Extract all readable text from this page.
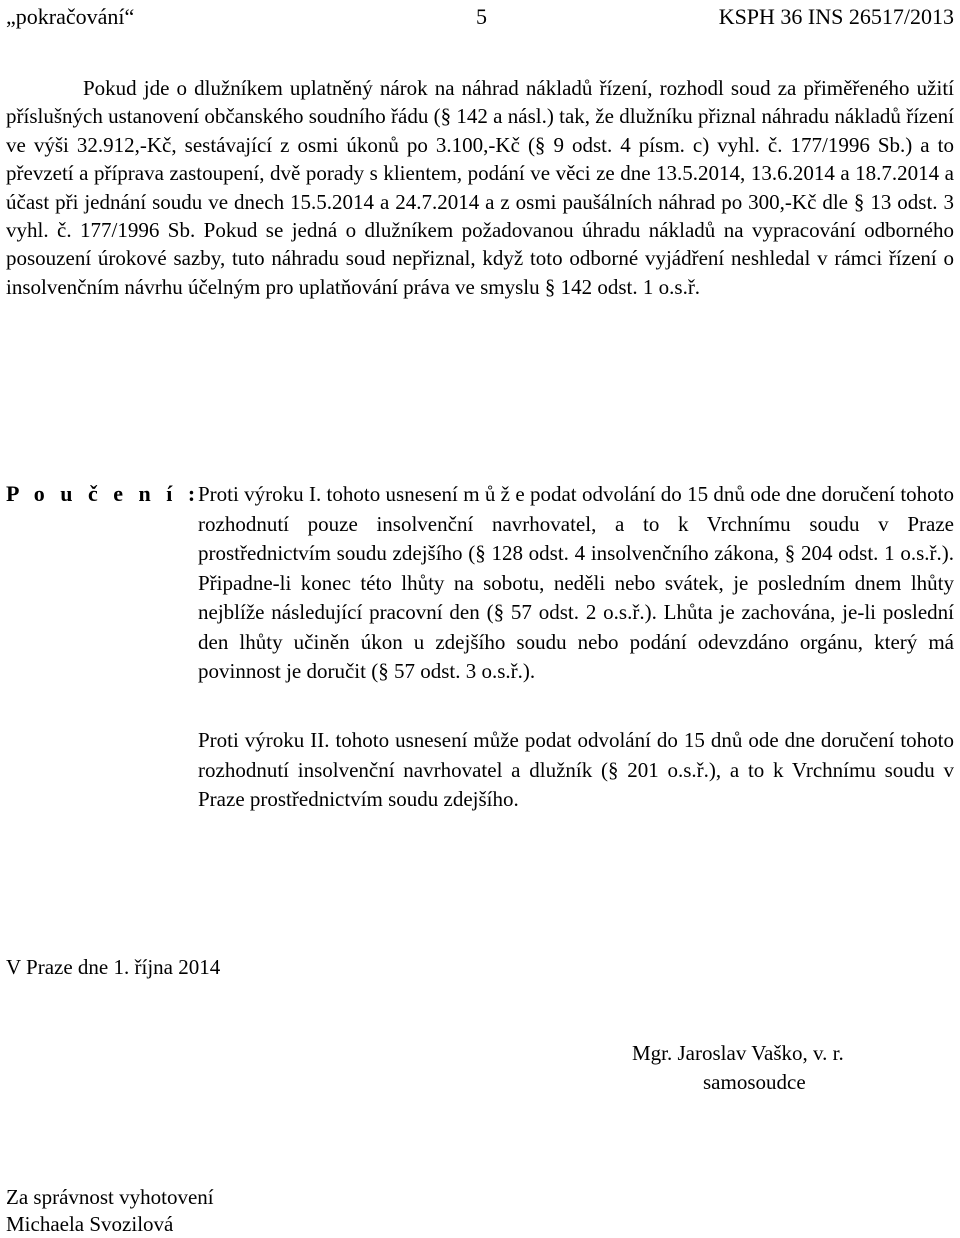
„pokračování“	5	KSPH 36 INS 26517/2013

Pokud jde o dlužníkem uplatněný nárok na náhrad nákladů řízení, rozhodl soud za přiměřeného užití příslušných ustanovení občanského soudního řádu (§ 142 a násl.) tak, že dlužníku přiznal náhradu nákladů řízení ve výši 32.912,-Kč, sestávající z osmi úkonů po 3.100,-Kč (§ 9 odst. 4 písm. c) vyhl. č. 177/1996 Sb.) a to převzetí a příprava zastoupení, dvě porady s klientem, podání ve věci ze dne 13.5.2014, 13.6.2014 a 18.7.2014 a účast při jednání soudu ve dnech 15.5.2014 a 24.7.2014 a z osmi paušálních náhrad po 300,-Kč dle § 13 odst. 3 vyhl. č. 177/1996 Sb. Pokud se jedná o dlužníkem požadovanou úhradu nákladů na vypracování odborného posouzení úrokové sazby, tuto náhradu soud nepřiznal, když toto odborné vyjádření neshledal v rámci řízení o insolvenčním návrhu účelným pro uplatňování práva ve smyslu § 142 odst. 1 o.s.ř.

P o u č e n í :

Proti výroku I. tohoto usnesení m ů ž e podat odvolání do 15 dnů ode dne doručení tohoto rozhodnutí pouze insolvenční navrhovatel, a to k Vrchnímu soudu v Praze prostřednictvím soudu zdejšího (§ 128 odst. 4 insolvenčního zákona, § 204 odst. 1 o.s.ř.). Připadne-li konec této lhůty na sobotu, neděli nebo svátek, je posledním dnem lhůty nejblíže následující pracovní den (§ 57 odst. 2 o.s.ř.). Lhůta je zachována, je-li poslední den lhůty učiněn úkon u zdejšího soudu nebo podání odevzdáno orgánu, který má povinnost je doručit (§ 57 odst. 3 o.s.ř.).

Proti výroku II. tohoto usnesení může podat odvolání do 15 dnů ode dne doručení tohoto rozhodnutí insolvenční navrhovatel a dlužník (§ 201 o.s.ř.), a to k Vrchnímu soudu v Praze prostřednictvím soudu zdejšího.

V Praze dne 1. října 2014
Mgr. Jaroslav Vaško, v. r.
samosoudce
Za správnost vyhotovení
Michaela Svozilová
